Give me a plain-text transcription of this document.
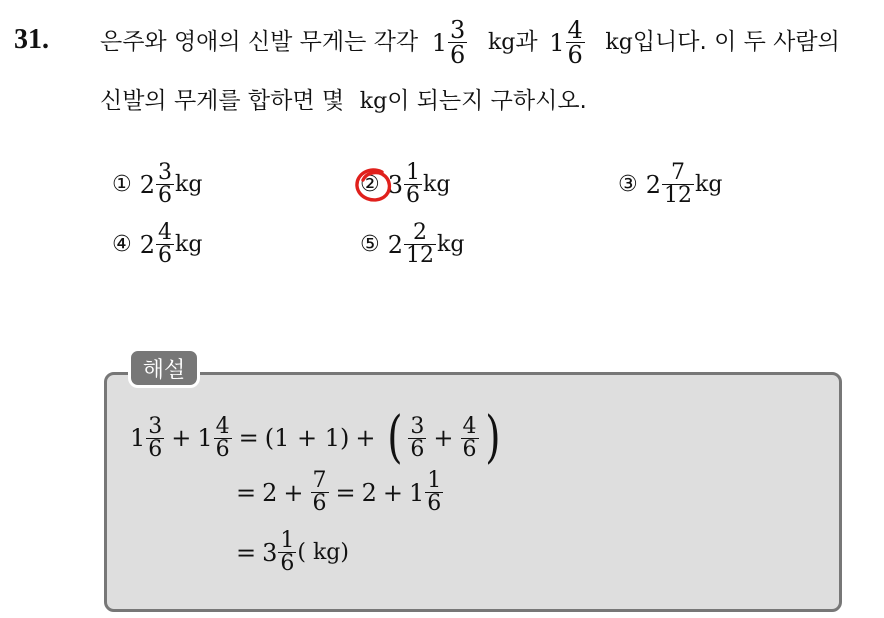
31. 은주와 영애의 신발 무게는 각각 $1 \frac{3}{6}$ kg과 $1 \frac{4}{6}$ kg입니다. 이 두 사람의
신발의 무게를 합하면 몇 kg이 되는지 구하시오.
① $2 \frac{3}{6}$ kg	② $3 \frac{1}{6}$ kg	③ $2 \frac{7}{12}$ kg
④ $2 \frac{4}{6}$ kg	⑤ $2 \frac{2}{12}$ kg
해설
$1 \frac{3}{6} + 1 \frac{4}{6} = (1 + 1)$ + ( $\frac{3}{6} + \frac{4}{6}$ )
= $2 + \frac{7}{6} = 2 + 1 \frac{1}{6}$
= $3 \frac{1}{6}$ ( kg)
